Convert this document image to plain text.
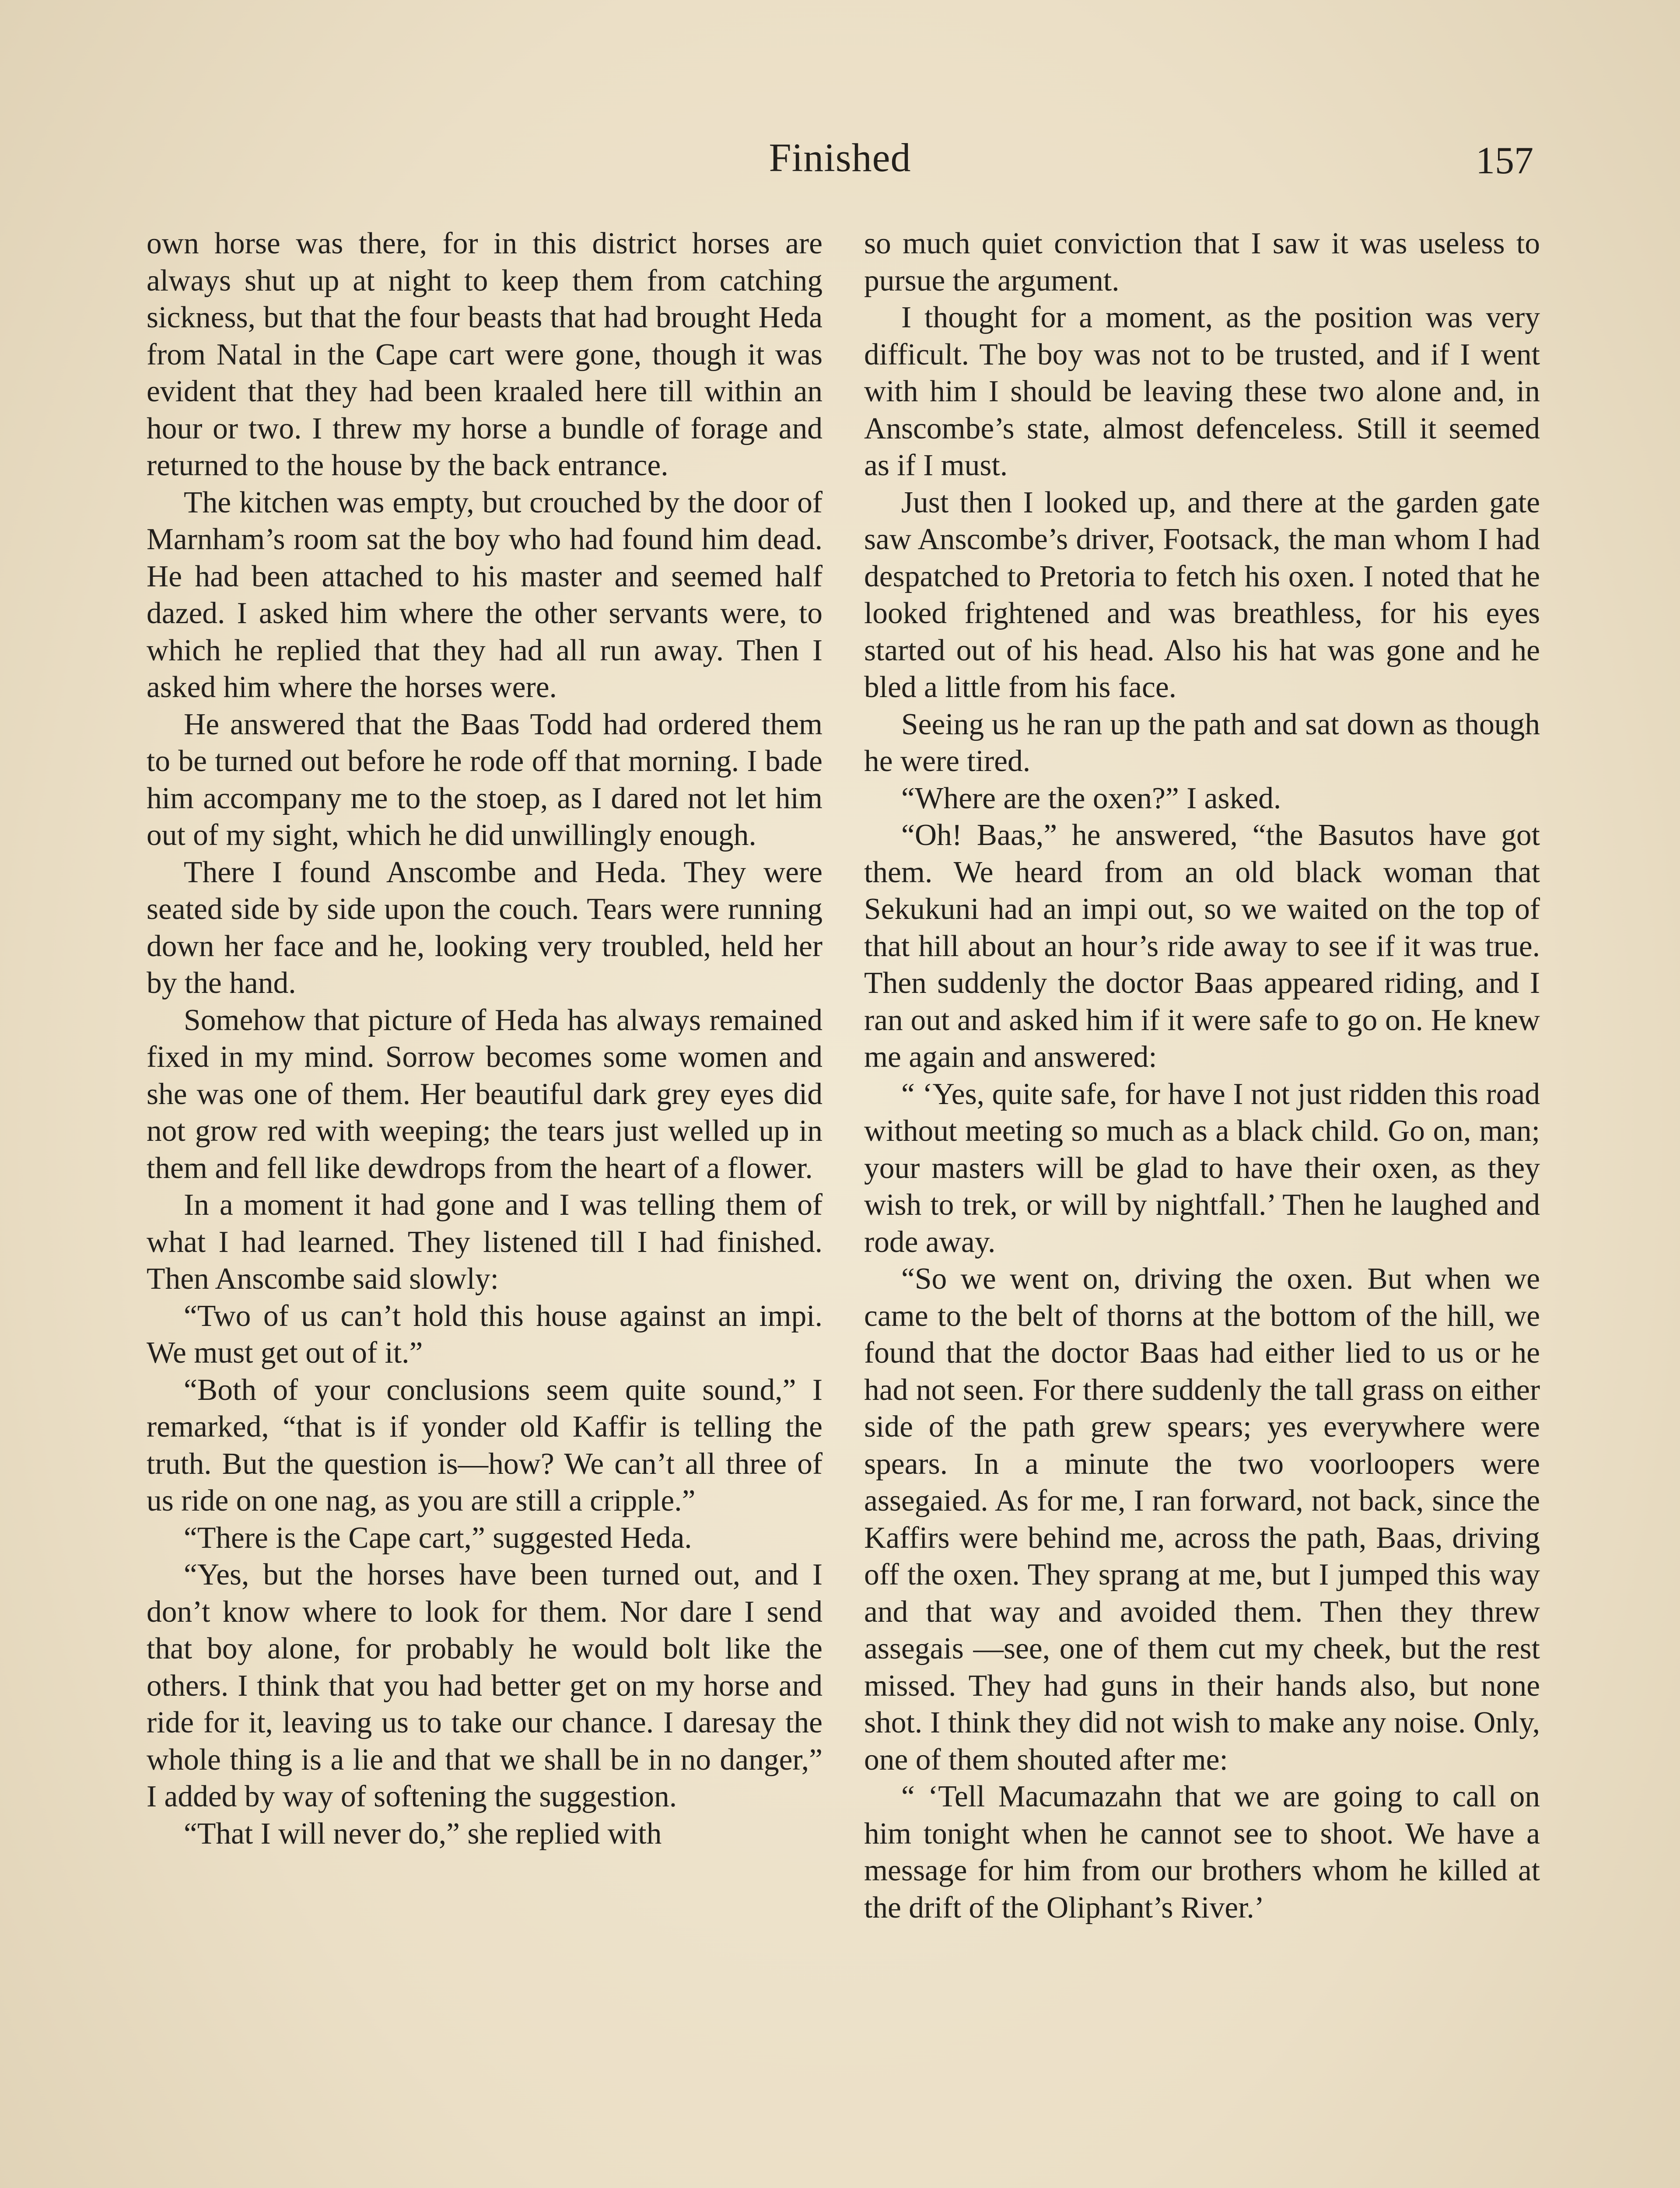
Finished	157

own horse was there, for in this district horses are always shut up at night to keep them from catching sickness, but that the four beasts that had brought Heda from Natal in the Cape cart were gone, though it was evident that they had been kraaled here till within an hour or two. I threw my horse a bundle of forage and returned to the house by the back entrance.

The kitchen was empty, but crouched by the door of Marnham’s room sat the boy who had found him dead. He had been attached to his master and seemed half dazed. I asked him where the other servants were, to which he replied that they had all run away. Then I asked him where the horses were.

He answered that the Baas Todd had ordered them to be turned out before he rode off that morning. I bade him accompany me to the stoep, as I dared not let him out of my sight, which he did unwillingly enough.

There I found Anscombe and Heda. They were seated side by side upon the couch. Tears were running down her face and he, looking very troubled, held her by the hand.

Somehow that picture of Heda has always remained fixed in my mind. Sorrow becomes some women and she was one of them. Her beautiful dark grey eyes did not grow red with weeping; the tears just welled up in them and fell like dewdrops from the heart of a flower.

In a moment it had gone and I was telling them of what I had learned. They listened till I had finished. Then Anscombe said slowly:

“Two of us can’t hold this house against an impi. We must get out of it.”

“Both of your conclusions seem quite sound,” I remarked, “that is if yonder old Kaffir is telling the truth. But the question is—how? We can’t all three of us ride on one nag, as you are still a cripple.”

“There is the Cape cart,” suggested Heda.

“Yes, but the horses have been turned out, and I don’t know where to look for them. Nor dare I send that boy alone, for probably he would bolt like the others. I think that you had better get on my horse and ride for it, leaving us to take our chance. I daresay the whole thing is a lie and that we shall be in no danger,” I added by way of softening the suggestion.

“That I will never do,” she replied with

so much quiet conviction that I saw it was useless to pursue the argument.

I thought for a moment, as the position was very difficult. The boy was not to be trusted, and if I went with him I should be leaving these two alone and, in Anscombe’s state, almost defenceless. Still it seemed as if I must.

Just then I looked up, and there at the garden gate saw Anscombe’s driver, Footsack, the man whom I had despatched to Pretoria to fetch his oxen. I noted that he looked frightened and was breathless, for his eyes started out of his head. Also his hat was gone and he bled a little from his face.

Seeing us he ran up the path and sat down as though he were tired.

“Where are the oxen?” I asked.

“Oh! Baas,” he answered, “the Basutos have got them. We heard from an old black woman that Sekukuni had an impi out, so we waited on the top of that hill about an hour’s ride away to see if it was true. Then suddenly the doctor Baas appeared riding, and I ran out and asked him if it were safe to go on. He knew me again and answered:

“ ‘Yes, quite safe, for have I not just ridden this road without meeting so much as a black child. Go on, man; your masters will be glad to have their oxen, as they wish to trek, or will by nightfall.’ Then he laughed and rode away.

“So we went on, driving the oxen. But when we came to the belt of thorns at the bottom of the hill, we found that the doctor Baas had either lied to us or he had not seen. For there suddenly the tall grass on either side of the path grew spears; yes everywhere were spears. In a minute the two voorloopers were assegaied. As for me, I ran forward, not back, since the Kaffirs were behind me, across the path, Baas, driving off the oxen. They sprang at me, but I jumped this way and that way and avoided them. Then they threw assegais —see, one of them cut my cheek, but the rest missed. They had guns in their hands also, but none shot. I think they did not wish to make any noise. Only, one of them shouted after me:

“ ‘Tell Macumazahn that we are going to call on him tonight when he cannot see to shoot. We have a message for him from our brothers whom he killed at the drift of the Oliphant’s River.’
